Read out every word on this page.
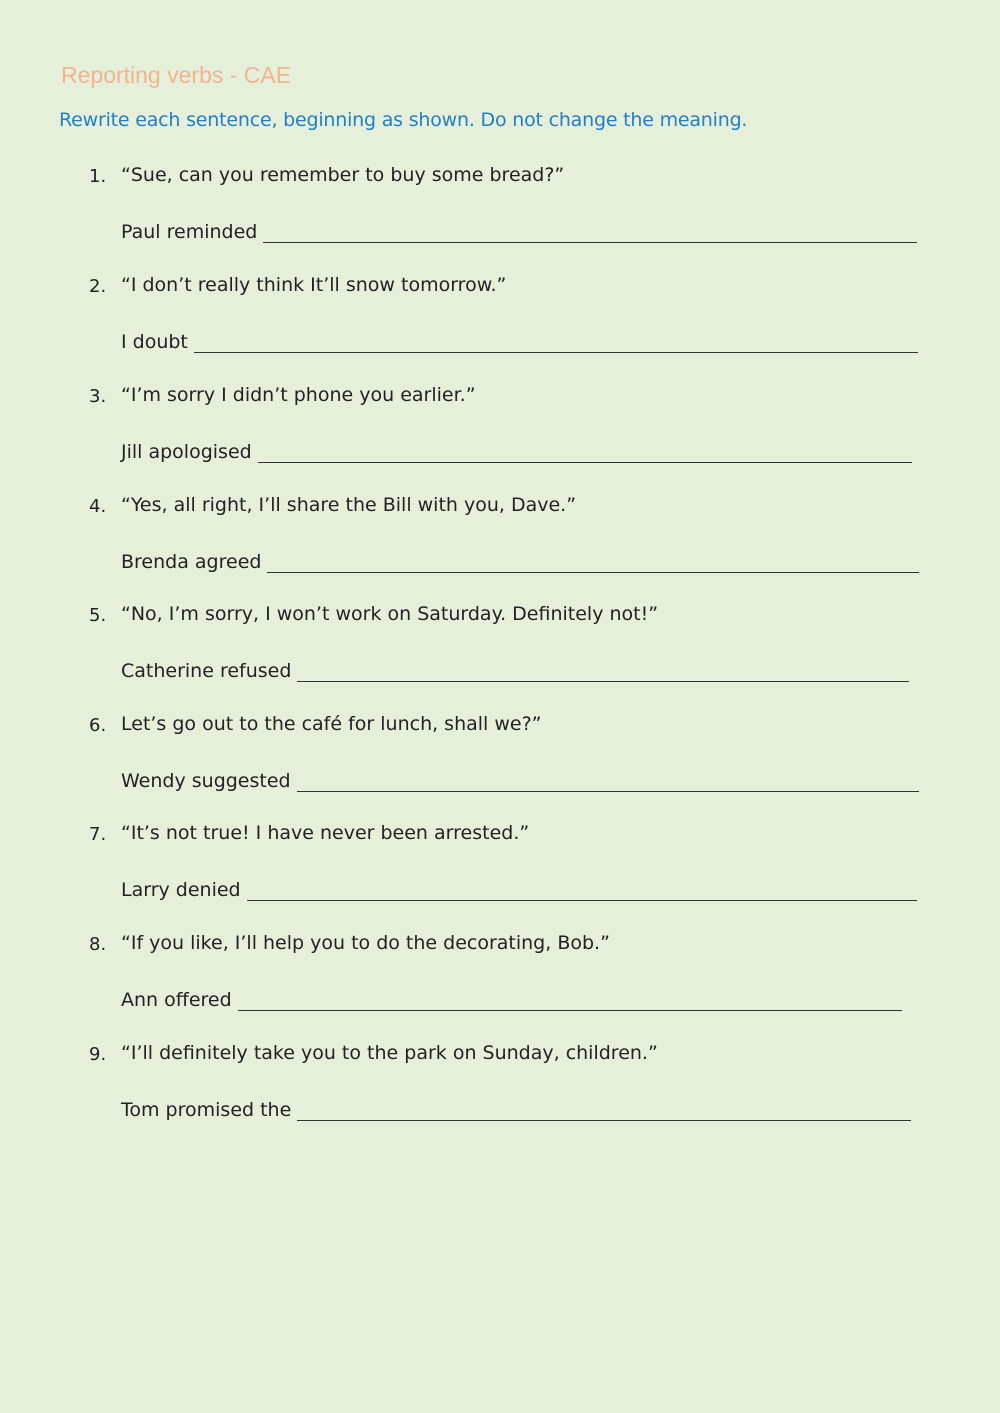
Reporting verbs - CAE

Rewrite each sentence, beginning as shown. Do not change the meaning.

1. “Sue, can you remember to buy some bread?”
Paul reminded
2. “I don’t really think It’ll snow tomorrow.”
I doubt
3. “I’m sorry I didn’t phone you earlier.”
Jill apologised
4. “Yes, all right, I’ll share the Bill with you, Dave.”
Brenda agreed
5. “No, I’m sorry, I won’t work on Saturday. Definitely not!”
Catherine refused
6. Let’s go out to the café for lunch, shall we?”
Wendy suggested
7. “It’s not true! I have never been arrested.”
Larry denied
8. “If you like, I’ll help you to do the decorating, Bob.”
Ann offered
9. “I’ll definitely take you to the park on Sunday, children.”
Tom promised the
